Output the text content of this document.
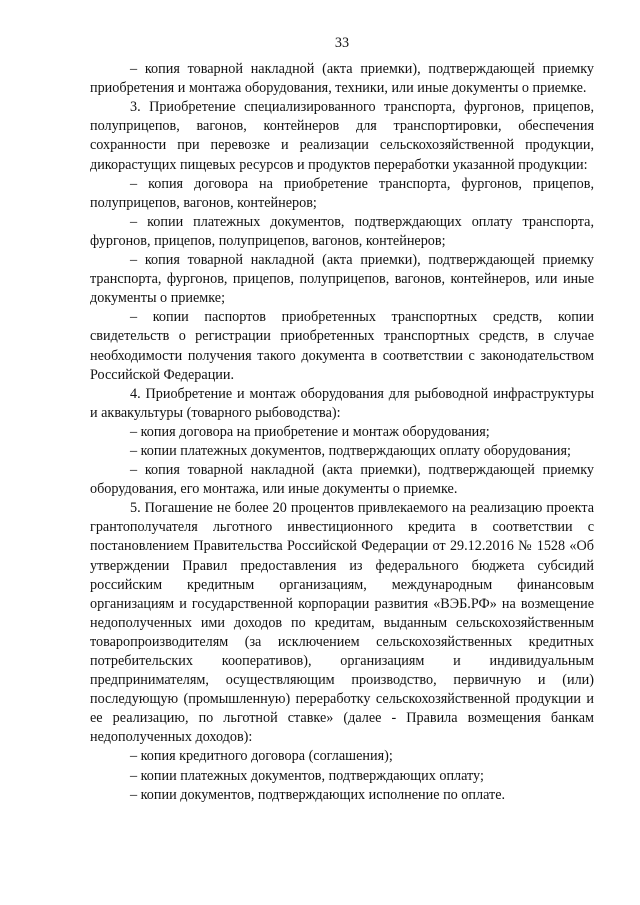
33

– копия товарной накладной (акта приемки), подтверждающей приемку приобретения и монтажа оборудования, техники, или иные документы о приемке.

3. Приобретение специализированного транспорта, фургонов, прицепов, полуприцепов, вагонов, контейнеров для транспортировки, обеспечения сохранности при перевозке и реализации сельскохозяйственной продукции, дикорастущих пищевых ресурсов и продуктов переработки указанной продукции:

– копия договора на приобретение транспорта, фургонов, прицепов, полуприцепов, вагонов, контейнеров;

– копии платежных документов, подтверждающих оплату транспорта, фургонов, прицепов, полуприцепов, вагонов, контейнеров;

– копия товарной накладной (акта приемки), подтверждающей приемку транспорта, фургонов, прицепов, полуприцепов, вагонов, контейнеров, или иные документы о приемке;

– копии паспортов приобретенных транспортных средств, копии свидетельств о регистрации приобретенных транспортных средств, в случае необходимости получения такого документа в соответствии с законодательством Российской Федерации.

4. Приобретение и монтаж оборудования для рыбоводной инфраструктуры и аквакультуры (товарного рыбоводства):

– копия договора на приобретение и монтаж оборудования;

– копии платежных документов, подтверждающих оплату оборудования;

– копия товарной накладной (акта приемки), подтверждающей приемку оборудования, его монтажа, или иные документы о приемке.

5. Погашение не более 20 процентов привлекаемого на реализацию проекта грантополучателя льготного инвестиционного кредита в соответствии с постановлением Правительства Российской Федерации от 29.12.2016 № 1528 «Об утверждении Правил предоставления из федерального бюджета субсидий российским кредитным организациям, международным финансовым организациям и государственной корпорации развития «ВЭБ.РФ» на возмещение недополученных ими доходов по кредитам, выданным сельскохозяйственным товаропроизводителям (за исключением сельскохозяйственных кредитных потребительских кооперативов), организациям и индивидуальным предпринимателям, осуществляющим производство, первичную и (или) последующую (промышленную) переработку сельскохозяйственной продукции и ее реализацию, по льготной ставке» (далее - Правила возмещения банкам недополученных доходов):

– копия кредитного договора (соглашения);

– копии платежных документов, подтверждающих оплату;

– копии документов, подтверждающих исполнение по оплате.
